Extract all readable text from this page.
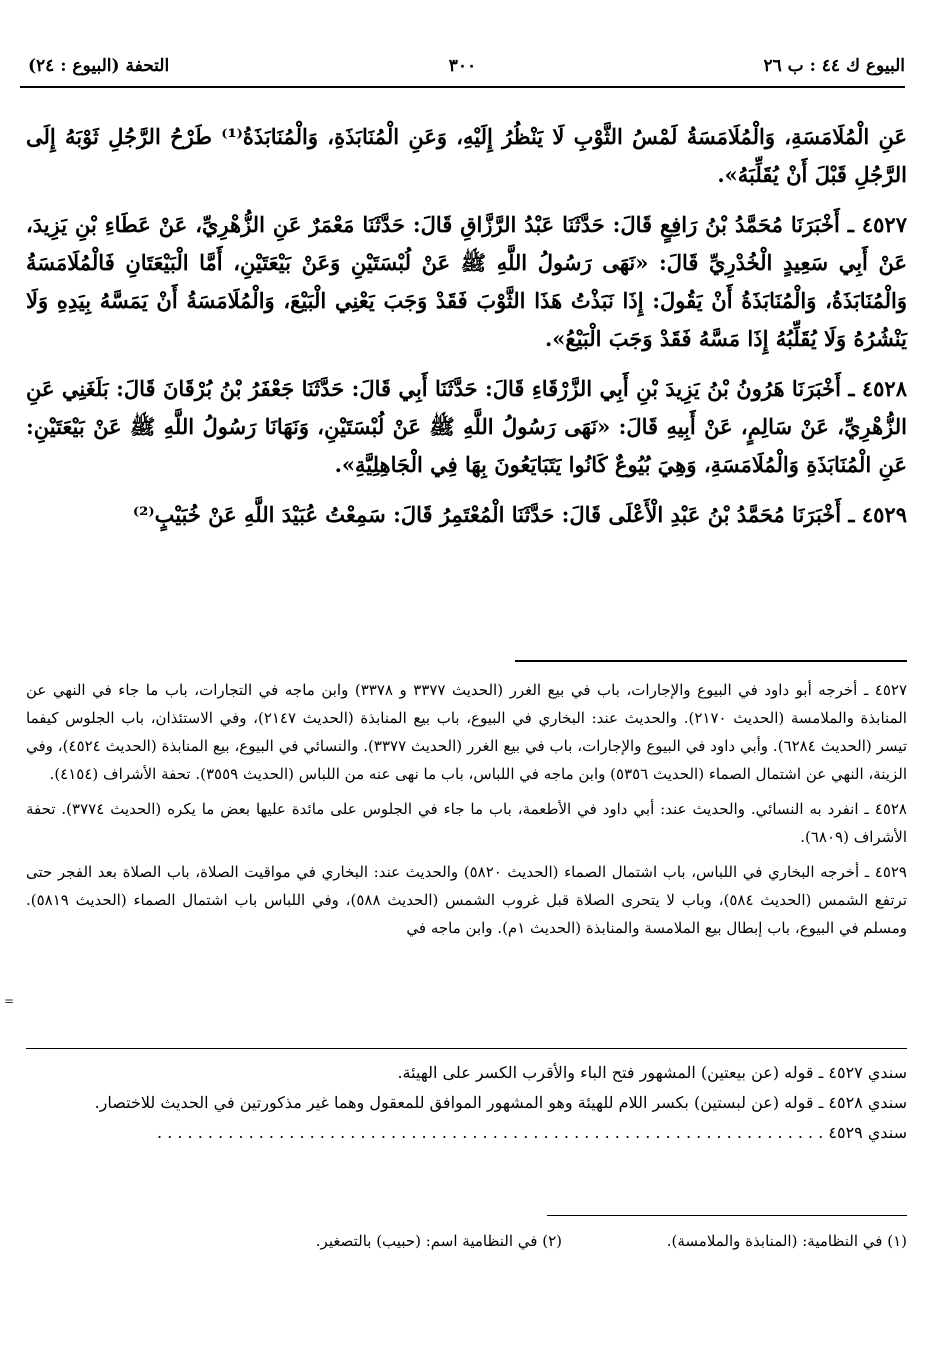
البيوع ك ٤٤ : ب ٢٦
٣٠٠
التحفة (البيوع : ٢٤)

عَنِ الْمُلَامَسَةِ، وَالْمُلَامَسَةُ لَمْسُ الثَّوْبِ لَا يَنْظُرُ إِلَيْهِ، وَعَنِ الْمُنَابَذَةِ، وَالْمُنَابَذَةُ⁽¹⁾ طَرْحُ الرَّجُلِ ثَوْبَهُ إِلَى الرَّجُلِ قَبْلَ أَنْ يُقَلِّبَهُ».

٤٥٢٧ ـ أَخْبَرَنَا مُحَمَّدُ بْنُ رَافِعٍ قَالَ: حَدَّثَنَا عَبْدُ الرَّزَّاقِ قَالَ: حَدَّثَنَا مَعْمَرٌ عَنِ الزُّهْرِيِّ، عَنْ عَطَاءِ بْنِ يَزِيدَ، عَنْ أَبِي سَعِيدٍ الْخُدْرِيِّ قَالَ: «نَهَى رَسُولُ اللَّهِ ﷺ عَنْ لُبْسَتَيْنِ وَعَنْ بَيْعَتَيْنِ، أَمَّا الْبَيْعَتَانِ فَالْمُلَامَسَةُ وَالْمُنَابَذَةُ، وَالْمُنَابَذَةُ أَنْ يَقُولَ: إِذَا نَبَذْتُ هَذَا الثَّوْبَ فَقَدْ وَجَبَ يَعْنِي الْبَيْعَ، وَالْمُلَامَسَةُ أَنْ يَمَسَّهُ بِيَدِهِ وَلَا يَنْشُرُهُ وَلَا يُقَلِّبُهُ إِذَا مَسَّهُ فَقَدْ وَجَبَ الْبَيْعُ».

٤٥٢٨ ـ أَخْبَرَنَا هَرُونُ بْنُ يَزِيدَ بْنِ أَبِي الزَّرْقَاءِ قَالَ: حَدَّثَنَا أَبِي قَالَ: حَدَّثَنَا جَعْفَرُ بْنُ بُرْقَانَ قَالَ: بَلَغَنِي عَنِ الزُّهْرِيِّ، عَنْ سَالِمٍ، عَنْ أَبِيهِ قَالَ: «نَهَى رَسُولُ اللَّهِ ﷺ عَنْ لُبْسَتَيْنِ، وَنَهَانَا رَسُولُ اللَّهِ ﷺ عَنْ بَيْعَتَيْنِ: عَنِ الْمُنَابَذَةِ وَالْمُلَامَسَةِ، وَهِيَ بُيُوعٌ كَانُوا يَتَبَايَعُونَ بِهَا فِي الْجَاهِلِيَّةِ».

٤٥٢٩ ـ أَخْبَرَنَا مُحَمَّدُ بْنُ عَبْدِ الْأَعْلَى قَالَ: حَدَّثَنَا الْمُعْتَمِرُ قَالَ: سَمِعْتُ عُبَيْدَ اللَّهِ عَنْ خُبَيْبٍ⁽²⁾

٤٥٢٧ ـ أخرجه أبو داود في البيوع والإجارات، باب في بيع الغرر (الحديث ٣٣٧٧ و ٣٣٧٨) وابن ماجه في التجارات، باب ما جاء في النهي عن المنابذة والملامسة (الحديث ٢١٧٠). والحديث عند: البخاري في البيوع، باب بيع المنابذة (الحديث ٢١٤٧)، وفي الاستئذان، باب الجلوس كيفما تيسر (الحديث ٦٢٨٤). وأبي داود في البيوع والإجارات، باب في بيع الغرر (الحديث ٣٣٧٧). والنسائي في البيوع، بيع المنابذة (الحديث ٤٥٢٤)، وفي الزينة، النهي عن اشتمال الصماء (الحديث ٥٣٥٦) وابن ماجه في اللباس، باب ما نهى عنه من اللباس (الحديث ٣٥٥٩). تحفة الأشراف (٤١٥٤).

٤٥٢٨ ـ انفرد به النسائي. والحديث عند: أبي داود في الأطعمة، باب ما جاء في الجلوس على مائدة عليها بعض ما يكره (الحديث ٣٧٧٤). تحفة الأشراف (٦٨٠٩).

٤٥٢٩ ـ أخرجه البخاري في اللباس، باب اشتمال الصماء (الحديث ٥٨٢٠) والحديث عند: البخاري في مواقيت الصلاة، باب الصلاة بعد الفجر حتى ترتفع الشمس (الحديث ٥٨٤)، وباب لا يتحرى الصلاة قبل غروب الشمس (الحديث ٥٨٨)، وفي اللباس باب اشتمال الصماء (الحديث ٥٨١٩). ومسلم في البيوع، باب إبطال بيع الملامسة والمنابذة (الحديث ١م). وابن ماجه في

=

سندي ٤٥٢٧ ـ قوله (عن بيعتين) المشهور فتح الباء والأقرب الكسر على الهيئة.

سندي ٤٥٢٨ ـ قوله (عن لبستين) بكسر اللام للهيئة وهو المشهور الموافق للمعقول وهما غير مذكورتين في الحديث للاختصار.

سندي ٤٥٢٩ . . . . . . . . . . . . . . . . . . . . . . . . . . . . . . . . . . . . . . . . . . . . . . . . . . . . . . . . . . . . . . . . . .

(١) في النظامية: (المنابذة والملامسة).
(٢) في النظامية اسم: (حبيب) بالتصغير.
